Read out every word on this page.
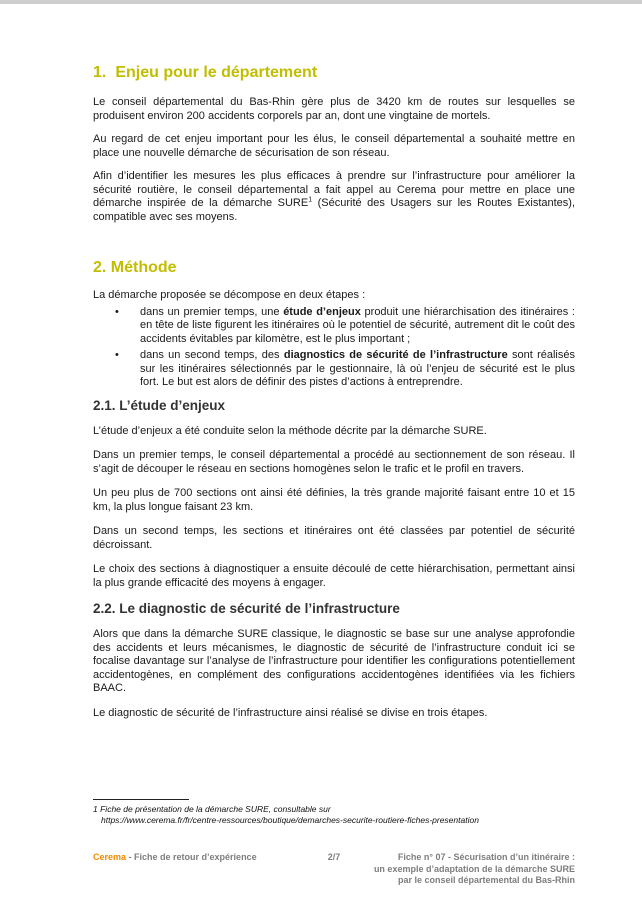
1. Enjeu pour le département

Le conseil départemental du Bas-Rhin gère plus de 3420 km de routes sur lesquelles se produisent environ 200 accidents corporels par an, dont une vingtaine de mortels.

Au regard de cet enjeu important pour les élus, le conseil départemental a souhaité mettre en place une nouvelle démarche de sécurisation de son réseau.

Afin d’identifier les mesures les plus efficaces à prendre sur l’infrastructure pour améliorer la sécurité routière, le conseil départemental a fait appel au Cerema pour mettre en place une démarche inspirée de la démarche SURE$^1$ (Sécurité des Usagers sur les Routes Existantes), compatible avec ses moyens.

2. Méthode

La démarche proposée se décompose en deux étapes :

• dans un premier temps, une étude d’enjeux produit une hiérarchisation des itinéraires : en tête de liste figurent les itinéraires où le potentiel de sécurité, autrement dit le coût des accidents évitables par kilomètre, est le plus important ;
• dans un second temps, des diagnostics de sécurité de l’infrastructure sont réalisés sur les itinéraires sélectionnés par le gestionnaire, là où l’enjeu de sécurité est le plus fort. Le but est alors de définir des pistes d’actions à entreprendre.
2.1. L’étude d’enjeux

L’étude d’enjeux a été conduite selon la méthode décrite par la démarche SURE.

Dans un premier temps, le conseil départemental a procédé au sectionnement de son réseau. Il s’agit de découper le réseau en sections homogènes selon le trafic et le profil en travers.

Un peu plus de 700 sections ont ainsi été définies, la très grande majorité faisant entre 10 et 15 km, la plus longue faisant 23 km.

Dans un second temps, les sections et itinéraires ont été classées par potentiel de sécurité décroissant.

Le choix des sections à diagnostiquer a ensuite découlé de cette hiérarchisation, permettant ainsi la plus grande efficacité des moyens à engager.

2.2. Le diagnostic de sécurité de l’infrastructure

Alors que dans la démarche SURE classique, le diagnostic se base sur une analyse approfondie des accidents et leurs mécanismes, le diagnostic de sécurité de l’infrastructure conduit ici se focalise davantage sur l’analyse de l’infrastructure pour identifier les configurations potentiellement accidentogènes, en complément des configurations accidentogènes identifiées via les fichiers BAAC.

Le diagnostic de sécurité de l’infrastructure ainsi réalisé se divise en trois étapes.

1 Fiche de présentation de la démarche SURE, consultable sur
https://www.cerema.fr/fr/centre-ressources/boutique/demarches-securite-routiere-fiches-presentation
Cerema - Fiche de retour d’expérience	2/7	Fiche n° 07 - Sécurisation d’un itinéraire :
un exemple d’adaptation de la démarche SURE
par le conseil départemental du Bas-Rhin
